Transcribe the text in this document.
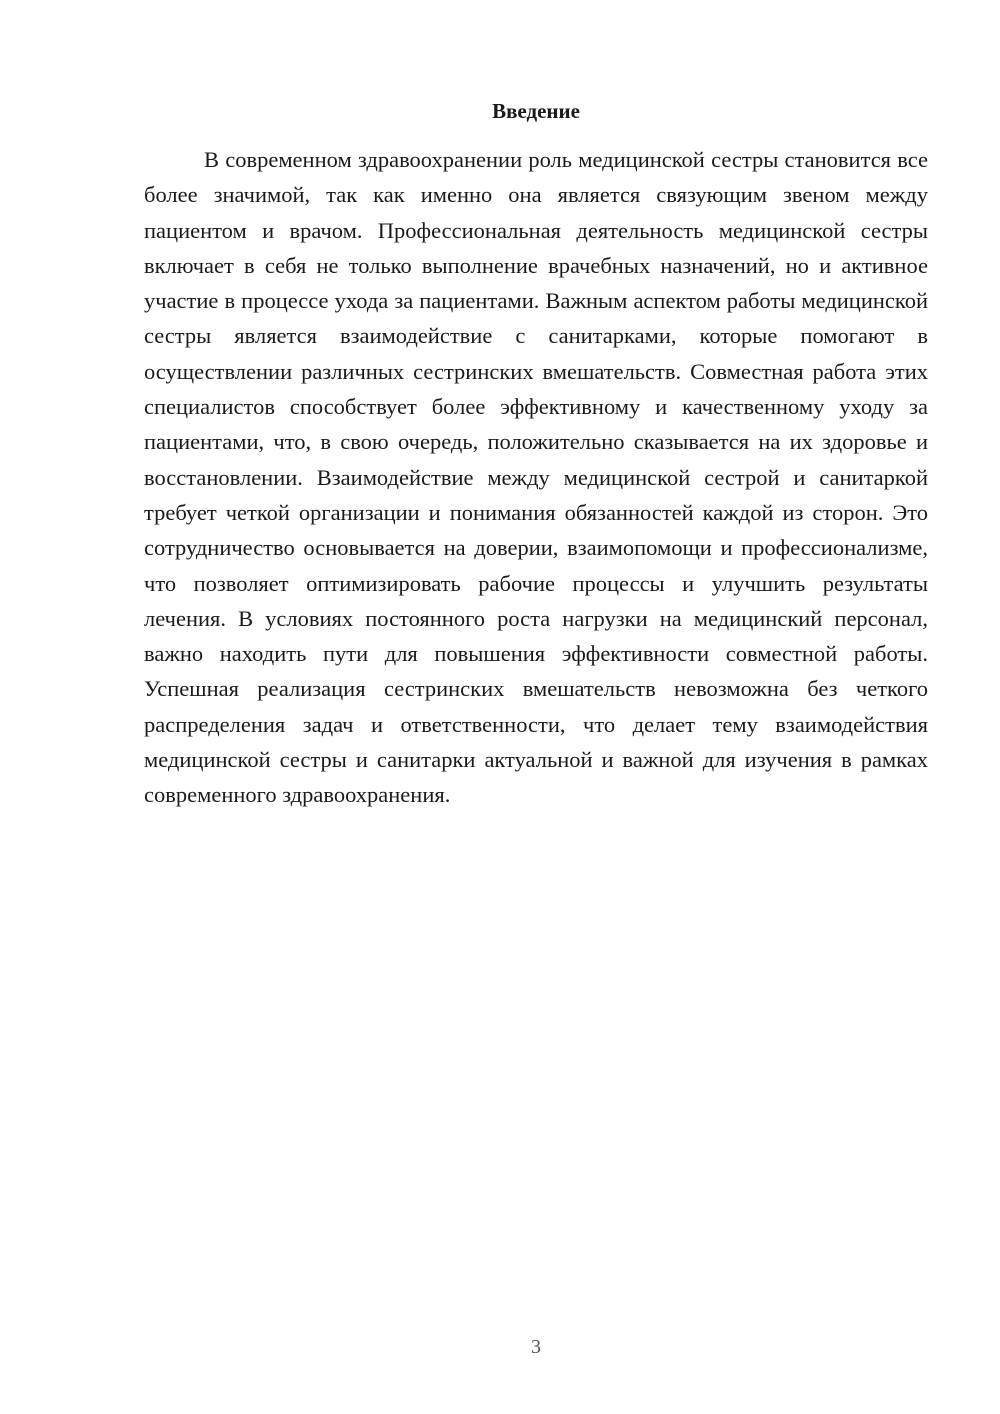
Введение

В современном здравоохранении роль медицинской сестры становится все более значимой, так как именно она является связующим звеном между пациентом и врачом. Профессиональная деятельность медицинской сестры включает в себя не только выполнение врачебных назначений, но и активное участие в процессе ухода за пациентами. Важным аспектом работы медицинской сестры является взаимодействие с санитарками, которые помогают в осуществлении различных сестринских вмешательств. Совместная работа этих специалистов способствует более эффективному и качественному уходу за пациентами, что, в свою очередь, положительно сказывается на их здоровье и восстановлении. Взаимодействие между медицинской сестрой и санитаркой требует четкой организации и понимания обязанностей каждой из сторон. Это сотрудничество основывается на доверии, взаимопомощи и профессионализме, что позволяет оптимизировать рабочие процессы и улучшить результаты лечения. В условиях постоянного роста нагрузки на медицинский персонал, важно находить пути для повышения эффективности совместной работы. Успешная реализация сестринских вмешательств невозможна без четкого распределения задач и ответственности, что делает тему взаимодействия медицинской сестры и санитарки актуальной и важной для изучения в рамках современного здравоохранения.

3
